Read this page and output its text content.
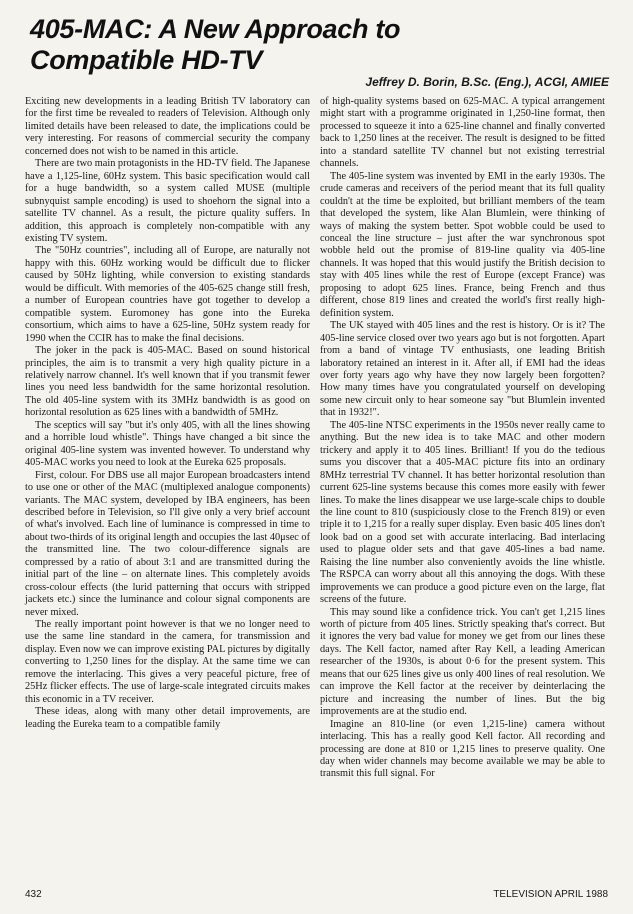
405-MAC: A New Approach to
Compatible HD-TV
Jeffrey D. Borin, B.Sc. (Eng.), ACGI, AMIEE

Exciting new developments in a leading British TV laboratory can for the first time be revealed to readers of Television. Although only limited details have been released to date, the implications could be very interesting. For reasons of commercial security the company concerned does not wish to be named in this article.

There are two main protagonists in the HD-TV field. The Japanese have a 1,125-line, 60Hz system. This basic specification would call for a huge bandwidth, so a system called MUSE (multiple subnyquist sample encoding) is used to shoehorn the signal into a satellite TV channel. As a result, the picture quality suffers. In addition, this approach is completely non-compatible with any existing TV system.

The "50Hz countries", including all of Europe, are naturally not happy with this. 60Hz working would be difficult due to flicker caused by 50Hz lighting, while conversion to existing standards would be difficult. With memories of the 405-625 change still fresh, a number of European countries have got together to develop a compatible system. Euromoney has gone into the Eureka consortium, which aims to have a 625-line, 50Hz system ready for 1990 when the CCIR has to make the final decisions.

The joker in the pack is 405-MAC. Based on sound historical principles, the aim is to transmit a very high quality picture in a relatively narrow channel. It's well known that if you transmit fewer lines you need less bandwidth for the same horizontal resolution. The old 405-line system with its 3MHz bandwidth is as good on horizontal resolution as 625 lines with a bandwidth of 5MHz.

The sceptics will say "but it's only 405, with all the lines showing and a horrible loud whistle". Things have changed a bit since the original 405-line system was invented however. To understand why 405-MAC works you need to look at the Eureka 625 proposals.

First, colour. For DBS use all major European broadcasters intend to use one or other of the MAC (multiplexed analogue components) variants. The MAC system, developed by IBA engineers, has been described before in Television, so I'll give only a very brief account of what's involved. Each line of luminance is compressed in time to about two-thirds of its original length and occupies the last 40μsec of the transmitted line. The two colour-difference signals are compressed by a ratio of about 3:1 and are transmitted during the initial part of the line – on alternate lines. This completely avoids cross-colour effects (the lurid patterning that occurs with stripped jackets etc.) since the luminance and colour signal components are never mixed.

The really important point however is that we no longer need to use the same line standard in the camera, for transmission and display. Even now we can improve existing PAL pictures by digitally converting to 1,250 lines for the display. At the same time we can remove the interlacing. This gives a very peaceful picture, free of 25Hz flicker effects. The use of large-scale integrated circuits makes this economic in a TV receiver.

These ideas, along with many other detail improvements, are leading the Eureka team to a compatible family

of high-quality systems based on 625-MAC. A typical arrangement might start with a programme originated in 1,250-line format, then processed to squeeze it into a 625-line channel and finally converted back to 1,250 lines at the receiver. The result is designed to be fitted into a standard satellite TV channel but not existing terrestrial channels.

The 405-line system was invented by EMI in the early 1930s. The crude cameras and receivers of the period meant that its full quality couldn't at the time be exploited, but brilliant members of the team that developed the system, like Alan Blumlein, were thinking of ways of making the system better. Spot wobble could be used to conceal the line structure – just after the war synchronous spot wobble held out the promise of 819-line quality via 405-line channels. It was hoped that this would justify the British decision to stay with 405 lines while the rest of Europe (except France) was proposing to adopt 625 lines. France, being French and thus different, chose 819 lines and created the world's first really high-definition system.

The UK stayed with 405 lines and the rest is history. Or is it? The 405-line service closed over two years ago but is not forgotten. Apart from a band of vintage TV enthusiasts, one leading British laboratory retained an interest in it. After all, if EMI had the ideas over forty years ago why have they now largely been forgotten? How many times have you congratulated yourself on developing some new circuit only to hear someone say "but Blumlein invented that in 1932!".

The 405-line NTSC experiments in the 1950s never really came to anything. But the new idea is to take MAC and other modern trickery and apply it to 405 lines. Brilliant! If you do the tedious sums you discover that a 405-MAC picture fits into an ordinary 8MHz terrestrial TV channel. It has better horizontal resolution than current 625-line systems because this comes more easily with fewer lines. To make the lines disappear we use large-scale chips to double the line count to 810 (suspiciously close to the French 819) or even triple it to 1,215 for a really super display. Even basic 405 lines don't look bad on a good set with accurate interlacing. Bad interlacing used to plague older sets and that gave 405-lines a bad name. Raising the line number also conveniently avoids the line whistle. The RSPCA can worry about all this annoying the dogs. With these improvements we can produce a good picture even on the large, flat screens of the future.

This may sound like a confidence trick. You can't get 1,215 lines worth of picture from 405 lines. Strictly speaking that's correct. But it ignores the very bad value for money we get from our lines these days. The Kell factor, named after Ray Kell, a leading American researcher of the 1930s, is about 0·6 for the present system. This means that our 625 lines give us only 400 lines of real resolution. We can improve the Kell factor at the receiver by deinterlacing the picture and increasing the number of lines. But the big improvements are at the studio end.

Imagine an 810-line (or even 1,215-line) camera without interlacing. This has a really good Kell factor. All recording and processing are done at 810 or 1,215 lines to preserve quality. One day when wider channels may become available we may be able to transmit this full signal. For

432	TELEVISION APRIL 1988
